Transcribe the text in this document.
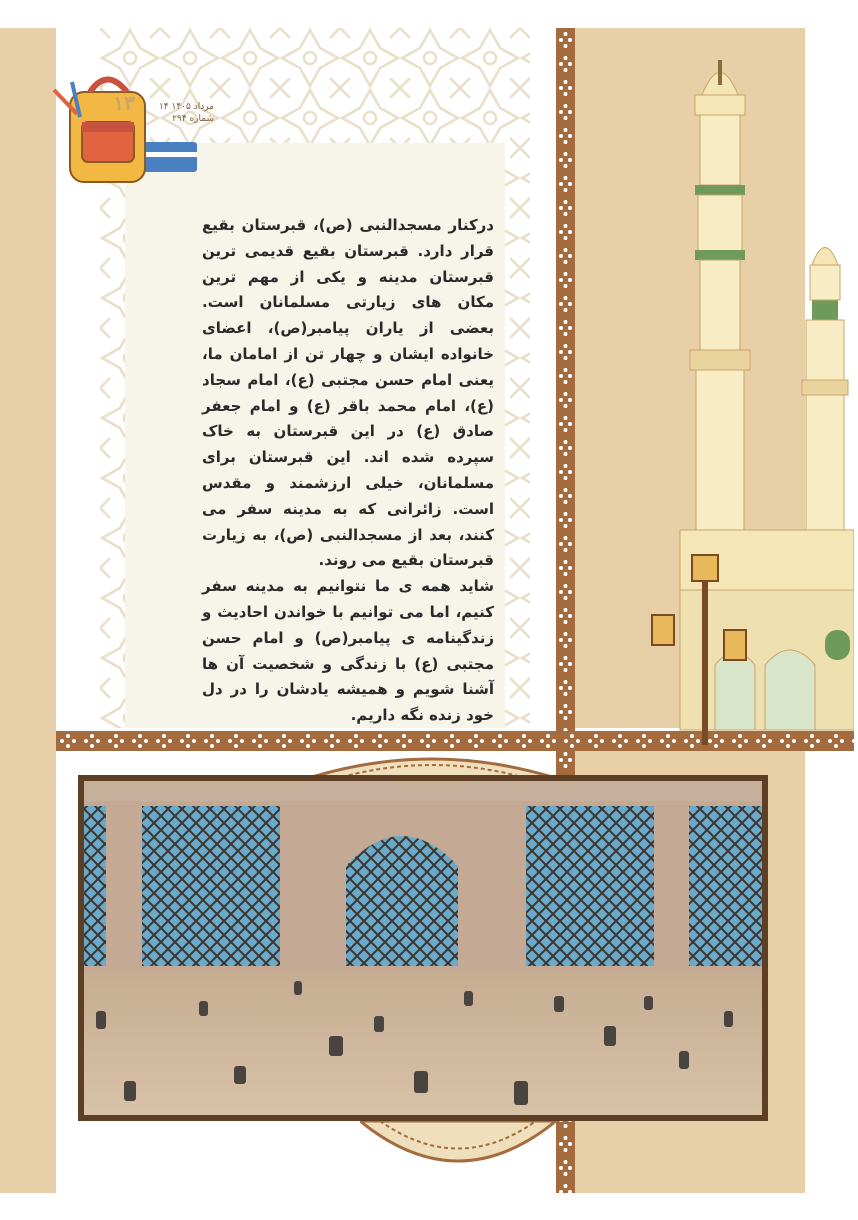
۱۳	۱۴ مرداد ۱۴۰۵
شماره ۲۹۴

درکنار مسجدالنبی (ص)، قبرستان بقیع قرار دارد. قبرستان بقیع قدیمی ترین قبرستان مدینه و یکی از مهم ترین مکان های زیارتی مسلمانان است. بعضی از یاران پیامبر(ص)، اعضای خانواده ایشان و چهار تن از امامان ما، یعنی امام حسن مجتبی (ع)، امام سجاد (ع)، امام محمد باقر (ع) و امام جعفر صادق (ع) در این قبرستان به خاک سپرده شده اند. این قبرستان برای مسلمانان، خیلی ارزشمند و مقدس است. زائرانی که به مدینه سفر می کنند، بعد از مسجدالنبی (ص)، به زیارت قبرستان بقیع می روند.

شاید همه ی ما نتوانیم به مدینه سفر کنیم، اما می توانیم با خواندن احادیث و زندگینامه ی پیامبر(ص) و امام حسن مجتبی (ع) با زندگی و شخصیت آن ها آشنا شویم و همیشه یادشان را در دل خود زنده نگه داریم.
